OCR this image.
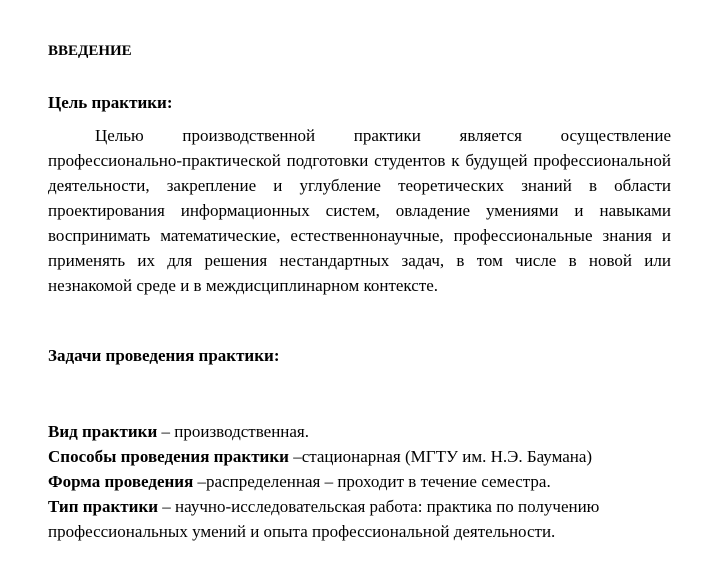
ВВЕДЕНИЕ
Цель практики:

Целью производственной практики является осуществление профессионально-практической подготовки студентов к будущей профессиональной деятельности, закрепление и углубление теоретических знаний в области проектирования информационных систем, овладение умениями и навыками воспринимать математические, естественнонаучные, профессиональные знания и применять их для решения нестандартных задач, в том числе в новой или незнакомой среде и в междисциплинарном контексте.

Задачи проведения практики:
Вид практики – производственная.
Способы проведения практики –стационарная (МГТУ им. Н.Э. Баумана)
Форма проведения –распределенная – проходит в течение семестра.
Тип практики – научно-исследовательская работа: практика по получению
профессиональных умений и опыта профессиональной деятельности.
